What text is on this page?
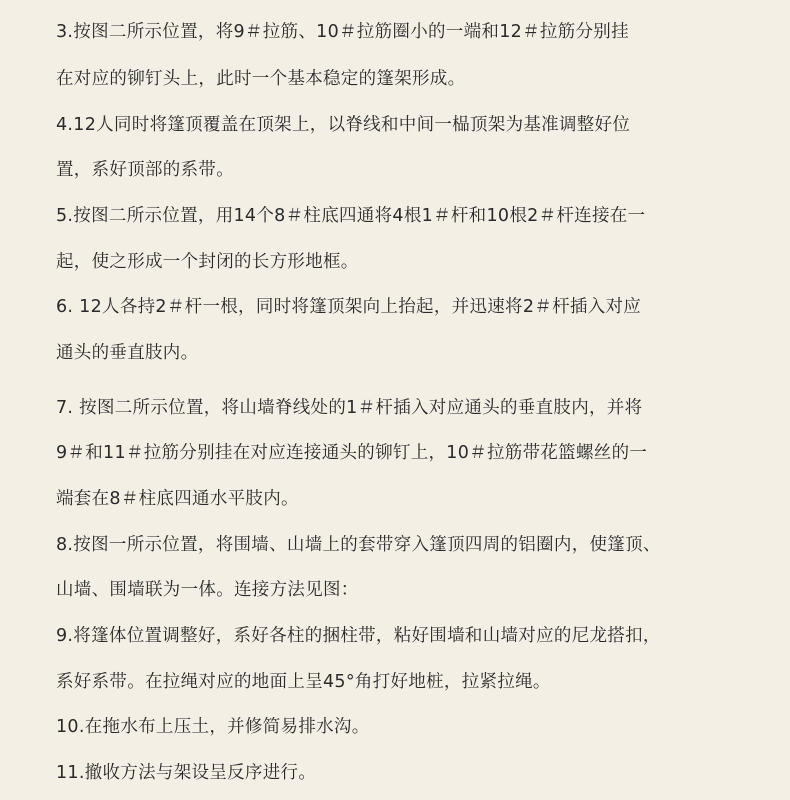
3.按图二所示位置，将9＃拉筋、10＃拉筋圈小的一端和12＃拉筋分别挂
在对应的铆钉头上，此时一个基本稳定的篷架形成。
4.12人同时将篷顶覆盖在顶架上，以脊线和中间一榀顶架为基准调整好位
置，系好顶部的系带。
5.按图二所示位置，用14个8＃柱底四通将4根1＃杆和10根2＃杆连接在一
起，使之形成一个封闭的长方形地框。
6. 12人各持2＃杆一根，同时将篷顶架向上抬起，并迅速将2＃杆插入对应
通头的垂直肢内。
7. 按图二所示位置，将山墙脊线处的1＃杆插入对应通头的垂直肢内，并将
9＃和11＃拉筋分别挂在对应连接通头的铆钉上，10＃拉筋带花篮螺丝的一
端套在8＃柱底四通水平肢内。
8.按图一所示位置，将围墙、山墙上的套带穿入篷顶四周的铝圈内，使篷顶、
山墙、围墙联为一体。连接方法见图：
9.将篷体位置调整好，系好各柱的捆柱带，粘好围墙和山墙对应的尼龙搭扣，
系好系带。在拉绳对应的地面上呈45°角打好地桩，拉紧拉绳。
10.在拖水布上压土，并修简易排水沟。
11.撤收方法与架设呈反序进行。
